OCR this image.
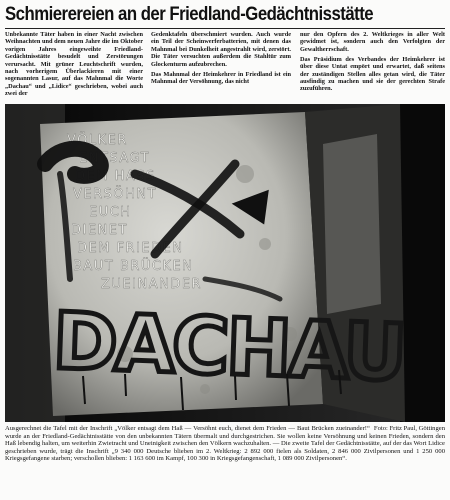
Schmierereien an der Friedland-Gedächtnisstätte

Unbekannte Täter haben in einer Nacht zwischen Weihnachten und dem neuen Jahre die im Oktober vorigen Jahres eingeweihte Friedland-Gedächtnisstätte besudelt und Zerstörungen verursacht. Mit grüner Leuchtschrift wurden, nach vorherigem Überlackieren mit einer sogenannten Lasur, auf das Mahnmal die Worte „Dachau“ und „Lidice“ geschrieben, wobei auch zwei der

Gedenktafeln überschmiert wurden. Auch wurde ein Teil der Scheinwerferbatterien, mit denen das Mahnmal bei Dunkelheit angestrahlt wird, zerstört. Die Täter versuchten außerdem die Stahltür zum Glockenturm aufzubrechen.

Das Mahnmal der Heimkehrer in Friedland ist ein Mahnmal der Versöhnung, das nicht

nur den Opfern des 2. Weltkrieges in aller Welt gewidmet ist, sondern auch den Verfolgten der Gewaltherrschaft.

Das Präsidium des Verbandes der Heimkehrer ist über diese Untat empört und erwartet, daß seitens der zuständigen Stellen alles getan wird, die Täter ausfindig zu machen und sie der gerechten Strafe zuzuführen.

VÖLKER
ENTSAGT
DEM HASS
VERSÖHNT
EUCH
DIENET
DEM FRIEDEN
BAUT BRÜCKEN
ZUEINANDER
DACHAU
Foto: Fritz Paul, Göttingen
Ausgerechnet die Tafel mit der Inschrift „Völker entsagt dem Haß — Versöhnt euch, dienet dem Frieden — Baut Brücken zueinander!“ wurde an der Friedland-Gedächtnisstätte von den unbekannten Tätern übermalt und durchgestrichen. Sie wollen keine Versöhnung und keinen Frieden, sondern den Haß lebendig halten, um weiterhin Zwietracht und Uneinigkeit zwischen den Völkern wachzuhalten. — Die zweite Tafel der Gedächtnisstätte, auf der das Wort Lidice geschrieben wurde, trägt die Inschrift „9 340 000 Deutsche blieben im 2. Weltkrieg: 2 892 000 fielen als Soldaten, 2 846 000 Zivilpersonen und 1 250 000 Kriegsgefangene starben; verschollen blieben: 1 163 600 im Kampf, 100 300 in Kriegsgefangenschaft, 1 089 000 Zivilpersonen“.
